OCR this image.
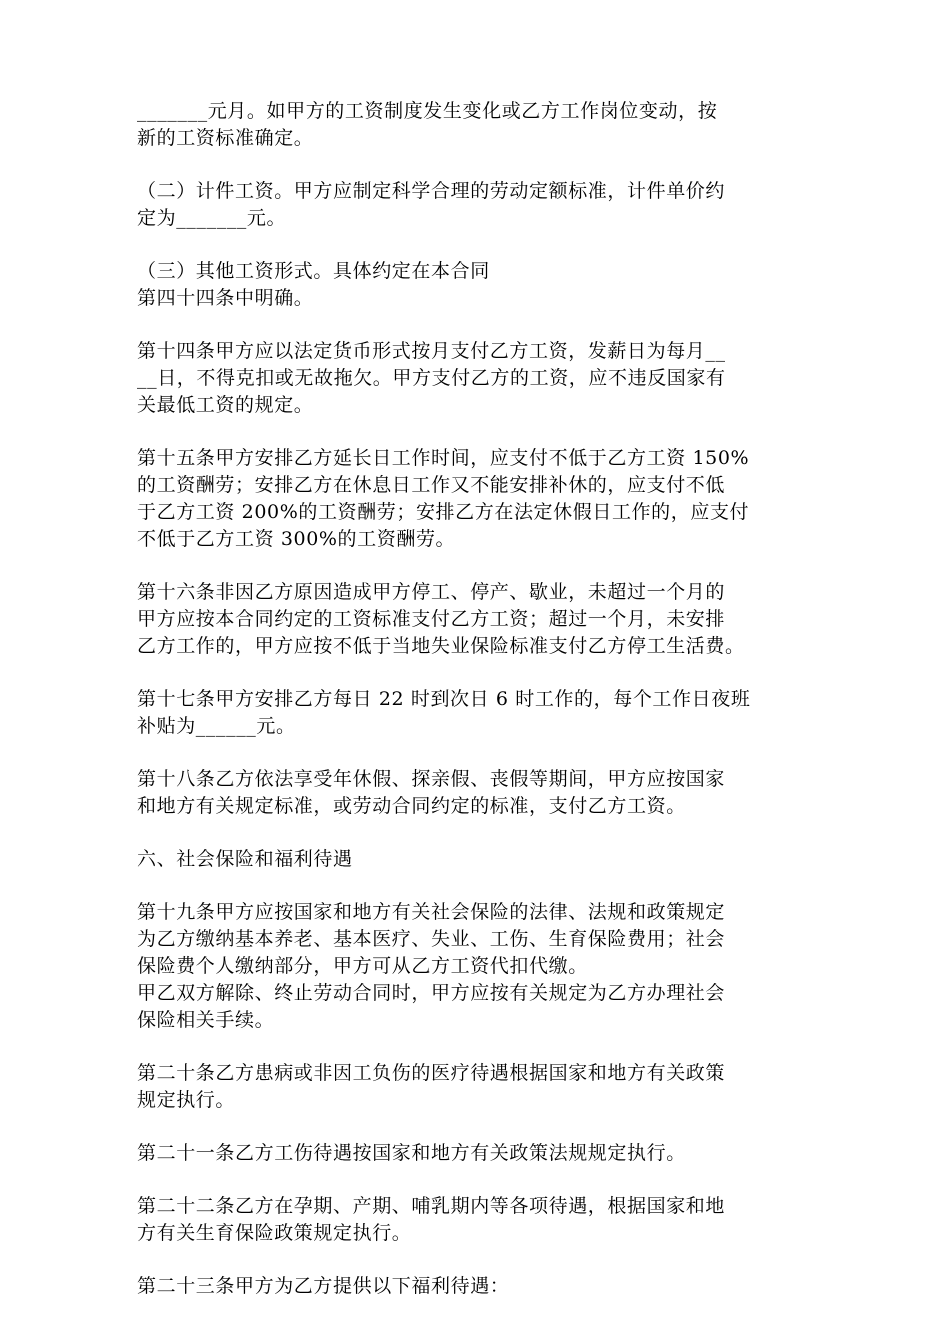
_______元月。如甲方的工资制度发生变化或乙方工作岗位变动，按
新的工资标准确定。
（二）计件工资。甲方应制定科学合理的劳动定额标准，计件单价约
定为_______元。
（三）其他工资形式。具体约定在本合同
第四十四条中明确。
第十四条甲方应以法定货币形式按月支付乙方工资，发薪日为每月__
__日，不得克扣或无故拖欠。甲方支付乙方的工资，应不违反国家有
关最低工资的规定。
第十五条甲方安排乙方延长日工作时间，应支付不低于乙方工资 150%
的工资酬劳；安排乙方在休息日工作又不能安排补休的，应支付不低
于乙方工资 200%的工资酬劳；安排乙方在法定休假日工作的，应支付
不低于乙方工资 300%的工资酬劳。
第十六条非因乙方原因造成甲方停工、停产、歇业，未超过一个月的
甲方应按本合同约定的工资标准支付乙方工资；超过一个月，未安排
乙方工作的，甲方应按不低于当地失业保险标准支付乙方停工生活费。
第十七条甲方安排乙方每日 22 时到次日 6 时工作的，每个工作日夜班
补贴为______元。
第十八条乙方依法享受年休假、探亲假、丧假等期间，甲方应按国家
和地方有关规定标准，或劳动合同约定的标准，支付乙方工资。
六、社会保险和福利待遇
第十九条甲方应按国家和地方有关社会保险的法律、法规和政策规定
为乙方缴纳基本养老、基本医疗、失业、工伤、生育保险费用；社会
保险费个人缴纳部分，甲方可从乙方工资代扣代缴。
甲乙双方解除、终止劳动合同时，甲方应按有关规定为乙方办理社会
保险相关手续。
第二十条乙方患病或非因工负伤的医疗待遇根据国家和地方有关政策
规定执行。
第二十一条乙方工伤待遇按国家和地方有关政策法规规定执行。
第二十二条乙方在孕期、产期、哺乳期内等各项待遇，根据国家和地
方有关生育保险政策规定执行。
第二十三条甲方为乙方提供以下福利待遇：
